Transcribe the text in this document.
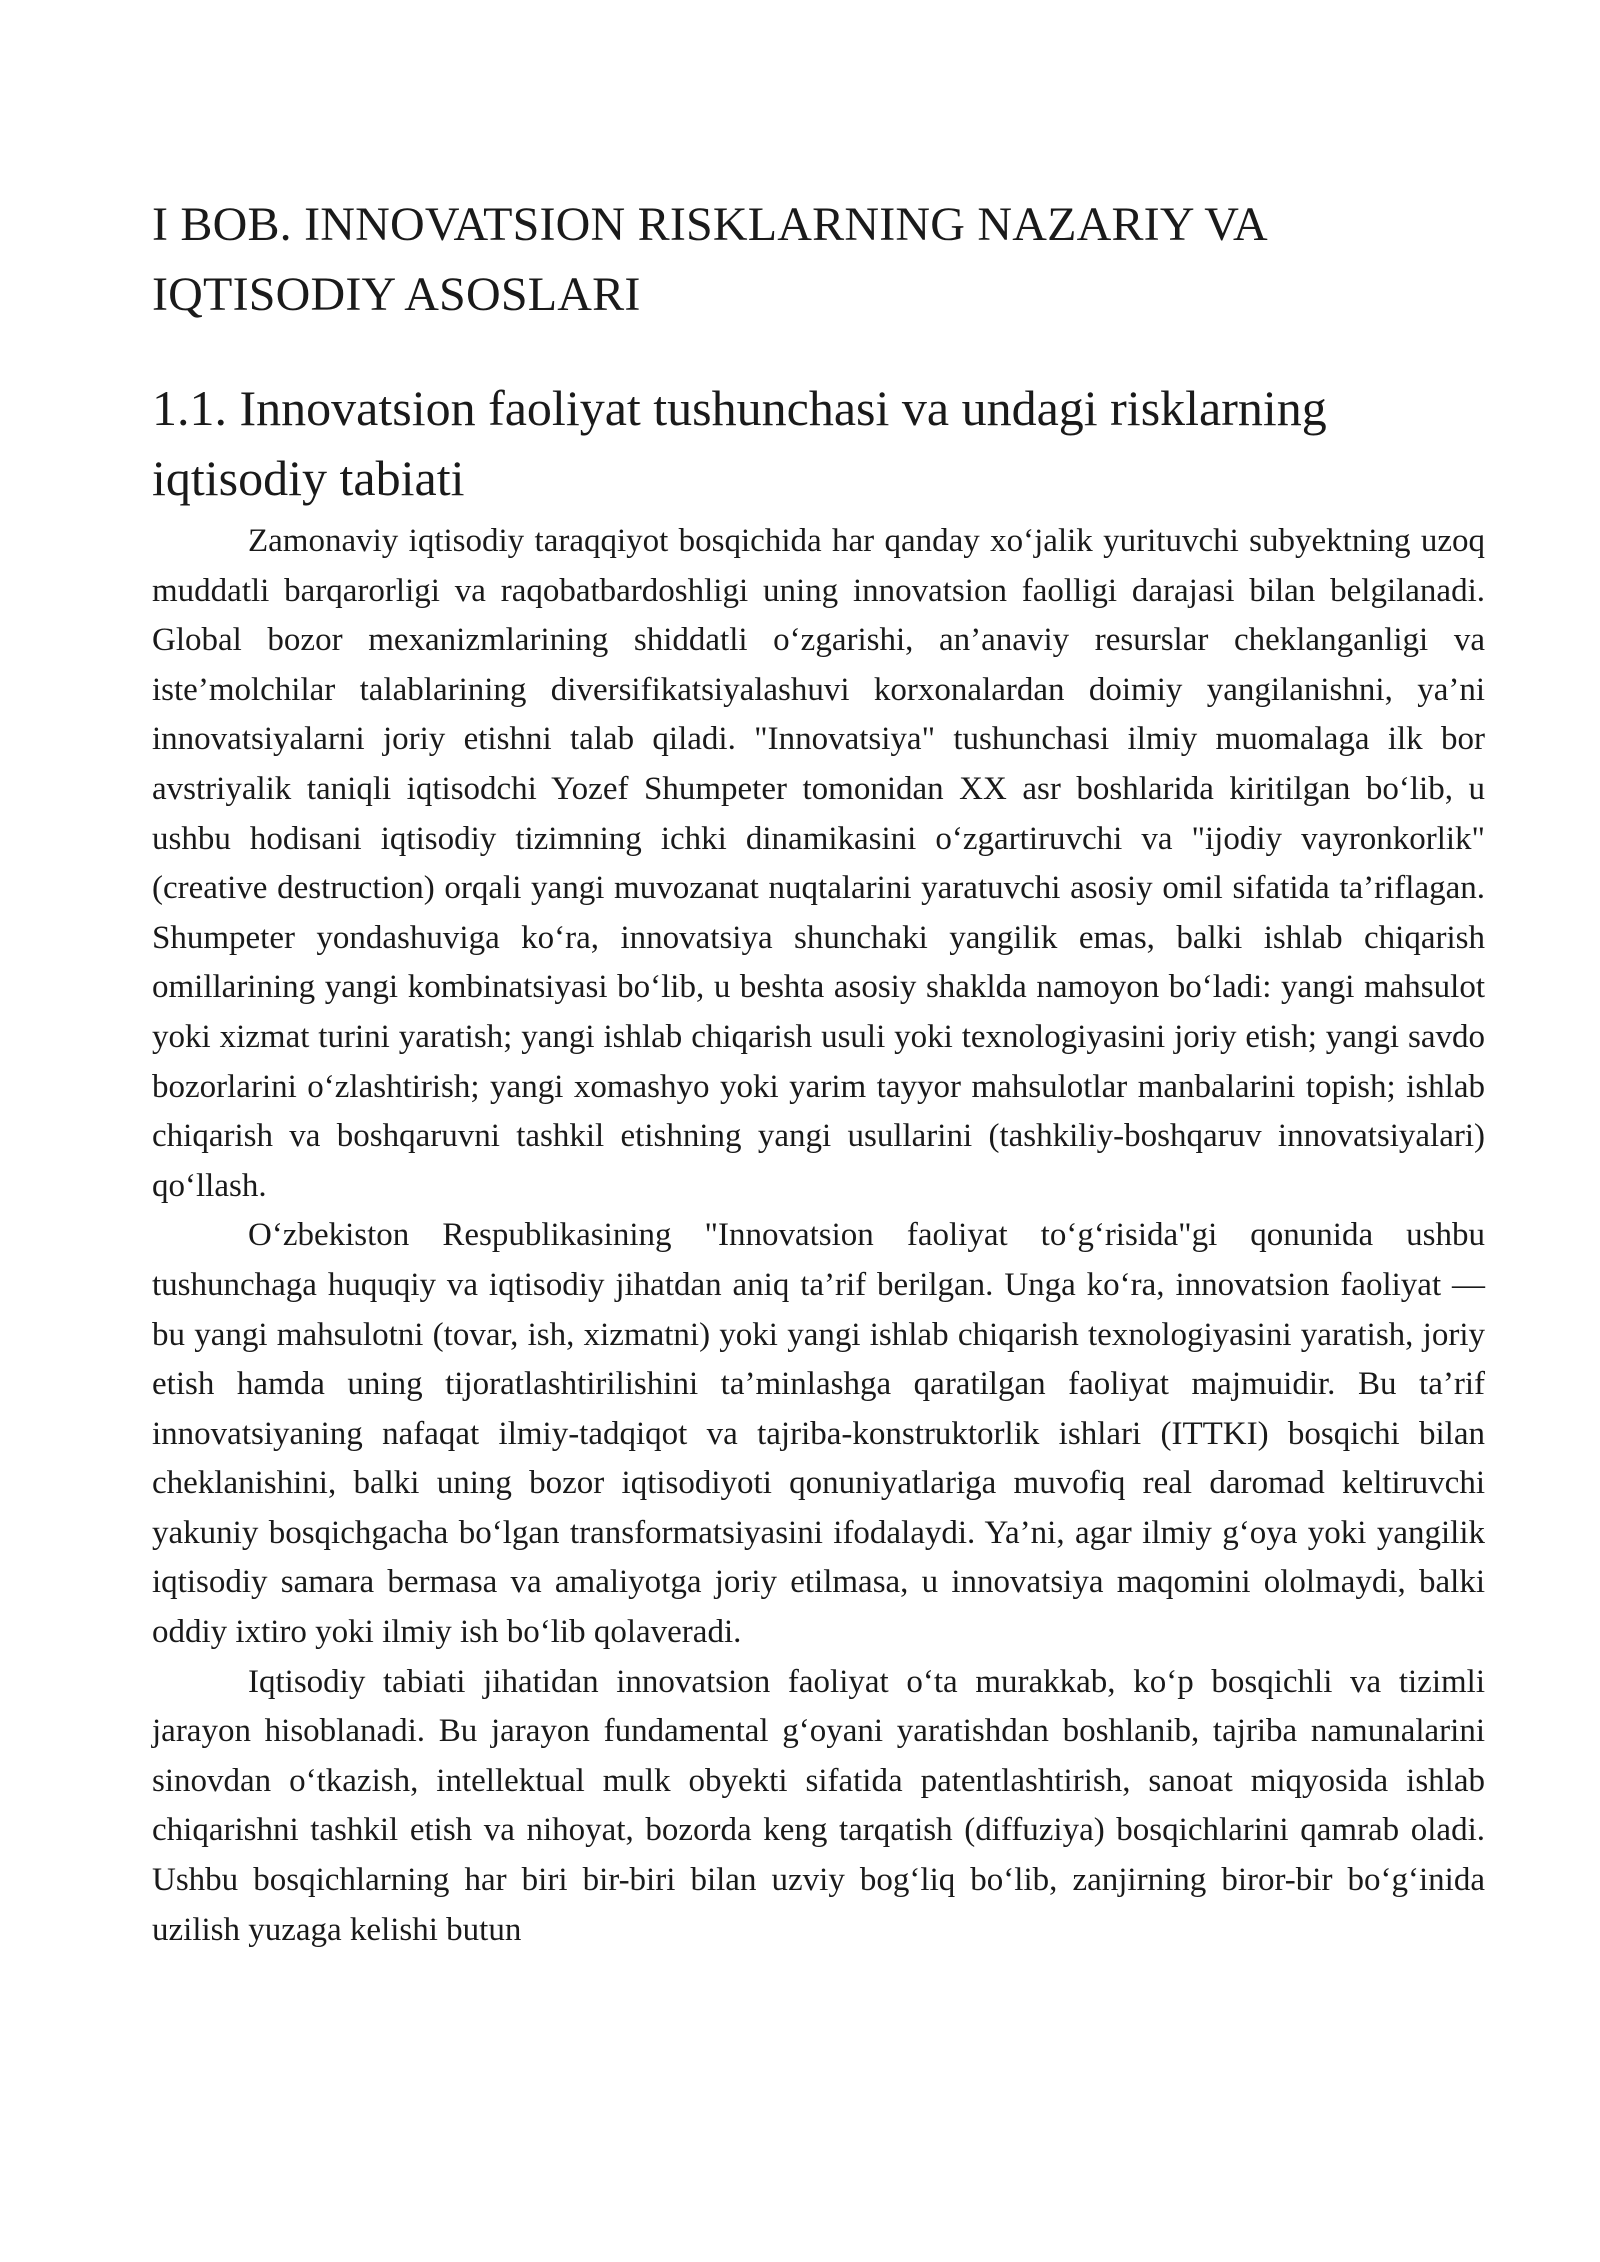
I BOB. INNOVATSION RISKLARNING NAZARIY VA
IQTISODIY ASOSLARI
1.1. Innovatsion faoliyat tushunchasi va undagi risklarning
iqtisodiy tabiati

Zamonaviy iqtisodiy taraqqiyot bosqichida har qanday xo‘jalik yurituvchi subyektning uzoq muddatli barqarorligi va raqobatbardoshligi uning innovatsion faolligi darajasi bilan belgilanadi. Global bozor mexanizmlarining shiddatli o‘zgarishi, an’anaviy resurslar cheklanganligi va iste’molchilar talablarining diversifikatsiyalashuvi korxonalardan doimiy yangilanishni, ya’ni innovatsiyalarni joriy etishni talab qiladi. "Innovatsiya" tushunchasi ilmiy muomalaga ilk bor avstriyalik taniqli iqtisodchi Yozef Shumpeter tomonidan XX asr boshlarida kiritilgan bo‘lib, u ushbu hodisani iqtisodiy tizimning ichki dinamikasini o‘zgartiruvchi va "ijodiy vayronkorlik" (creative destruction) orqali yangi muvozanat nuqtalarini yaratuvchi asosiy omil sifatida ta’riflagan. Shumpeter yondashuviga ko‘ra, innovatsiya shunchaki yangilik emas, balki ishlab chiqarish omillarining yangi kombinatsiyasi bo‘lib, u beshta asosiy shaklda namoyon bo‘ladi: yangi mahsulot yoki xizmat turini yaratish; yangi ishlab chiqarish usuli yoki texnologiyasini joriy etish; yangi savdo bozorlarini o‘zlashtirish; yangi xomashyo yoki yarim tayyor mahsulotlar manbalarini topish; ishlab chiqarish va boshqaruvni tashkil etishning yangi usullarini (tashkiliy-boshqaruv innovatsiyalari) qo‘llash.

O‘zbekiston Respublikasining "Innovatsion faoliyat to‘g‘risida"gi qonunida ushbu tushunchaga huquqiy va iqtisodiy jihatdan aniq ta’rif berilgan. Unga ko‘ra, innovatsion faoliyat — bu yangi mahsulotni (tovar, ish, xizmatni) yoki yangi ishlab chiqarish texnologiyasini yaratish, joriy etish hamda uning tijoratlashtirilishini ta’minlashga qaratilgan faoliyat majmuidir. Bu ta’rif innovatsiyaning nafaqat ilmiy-tadqiqot va tajriba-konstruktorlik ishlari (ITTKI) bosqichi bilan cheklanishini, balki uning bozor iqtisodiyoti qonuniyatlariga muvofiq real daromad keltiruvchi yakuniy bosqichgacha bo‘lgan transformatsiyasini ifodalaydi. Ya’ni, agar ilmiy g‘oya yoki yangilik iqtisodiy samara bermasa va amaliyotga joriy etilmasa, u innovatsiya maqomini ololmaydi, balki oddiy ixtiro yoki ilmiy ish bo‘lib qolaveradi.

Iqtisodiy tabiati jihatidan innovatsion faoliyat o‘ta murakkab, ko‘p bosqichli va tizimli jarayon hisoblanadi. Bu jarayon fundamental g‘oyani yaratishdan boshlanib, tajriba namunalarini sinovdan o‘tkazish, intellektual mulk obyekti sifatida patentlashtirish, sanoat miqyosida ishlab chiqarishni tashkil etish va nihoyat, bozorda keng tarqatish (diffuziya) bosqichlarini qamrab oladi. Ushbu bosqichlarning har biri bir-biri bilan uzviy bog‘liq bo‘lib, zanjirning biror-bir bo‘g‘inida uzilish yuzaga kelishi butun
